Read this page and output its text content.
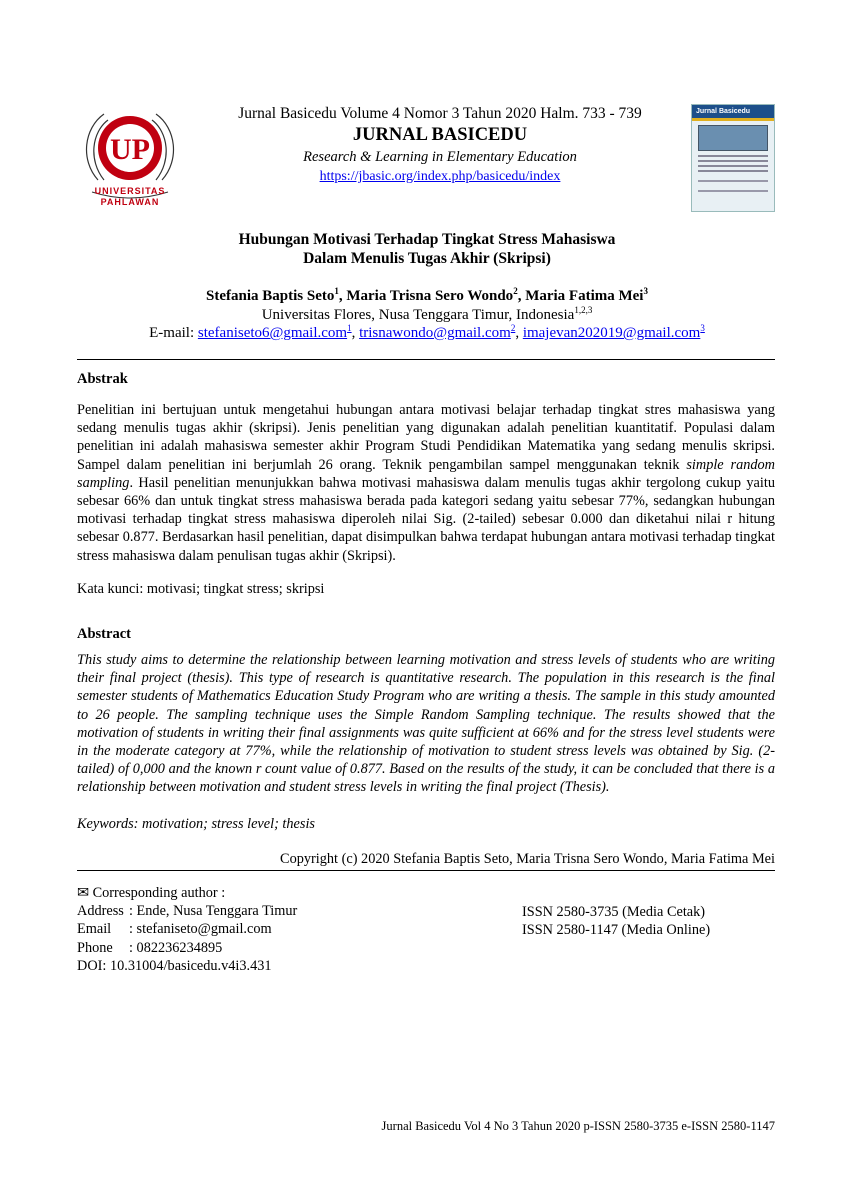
UP
UNIVERSITAS PAHLAWAN
Jurnal Basicedu Volume 4 Nomor 3 Tahun 2020 Halm. 733 - 739
JURNAL BASICEDU
Research & Learning in Elementary Education
https://jbasic.org/index.php/basicedu/index
Jurnal Basicedu
Hubungan Motivasi Terhadap Tingkat Stress Mahasiswa
Dalam Menulis Tugas Akhir (Skripsi)
Stefania Baptis Seto$^1$, Maria Trisna Sero Wondo$^2$, Maria Fatima Mei$^3$
Universitas Flores, Nusa Tenggara Timur, Indonesia$^{1,2,3}$
E-mail: stefaniseto6@gmail.com$^1$, trisnawondo@gmail.com$^2$, imajevan202019@gmail.com$^3$
Abstrak
Penelitian ini bertujuan untuk mengetahui hubungan antara motivasi belajar terhadap tingkat stres mahasiswa yang sedang menulis tugas akhir (skripsi). Jenis penelitian yang digunakan adalah penelitian kuantitatif. Populasi dalam penelitian ini adalah mahasiswa semester akhir Program Studi Pendidikan Matematika yang sedang menulis skripsi. Sampel dalam penelitian ini berjumlah 26 orang. Teknik pengambilan sampel menggunakan teknik simple random sampling. Hasil penelitian menunjukkan bahwa motivasi mahasiswa dalam menulis tugas akhir tergolong cukup yaitu sebesar 66% dan untuk tingkat stress mahasiswa berada pada kategori sedang yaitu sebesar 77%, sedangkan hubungan motivasi terhadap tingkat stress mahasiswa diperoleh nilai Sig. (2-tailed) sebesar 0.000 dan diketahui nilai r hitung sebesar 0.877. Berdasarkan hasil penelitian, dapat disimpulkan bahwa terdapat hubungan antara motivasi terhadap tingkat stress mahasiswa dalam penulisan tugas akhir (Skripsi).
Kata kunci: motivasi; tingkat stress; skripsi
Abstract
This study aims to determine the relationship between learning motivation and stress levels of students who are writing their final project (thesis). This type of research is quantitative research. The population in this research is the final semester students of Mathematics Education Study Program who are writing a thesis. The sample in this study amounted to 26 people. The sampling technique uses the Simple Random Sampling technique. The results showed that the motivation of students in writing their final assignments was quite sufficient at 66% and for the stress level students were in the moderate category at 77%, while the relationship of motivation to student stress levels was obtained by Sig. (2-tailed) of 0,000 and the known r count value of 0.877. Based on the results of the study, it can be concluded that there is a relationship between motivation and student stress levels in writing the final project (Thesis).
Keywords: motivation; stress level; thesis
Copyright (c) 2020 Stefania Baptis Seto, Maria Trisna Sero Wondo, Maria Fatima Mei
✉ Corresponding author :
Address : Ende, Nusa Tenggara Timur
Email : stefaniseto@gmail.com
Phone : 082236234895
DOI: 10.31004/basicedu.v4i3.431
ISSN 2580-3735 (Media Cetak)
ISSN 2580-1147 (Media Online)
Jurnal Basicedu Vol 4 No 3 Tahun 2020 p-ISSN 2580-3735 e-ISSN 2580-1147
